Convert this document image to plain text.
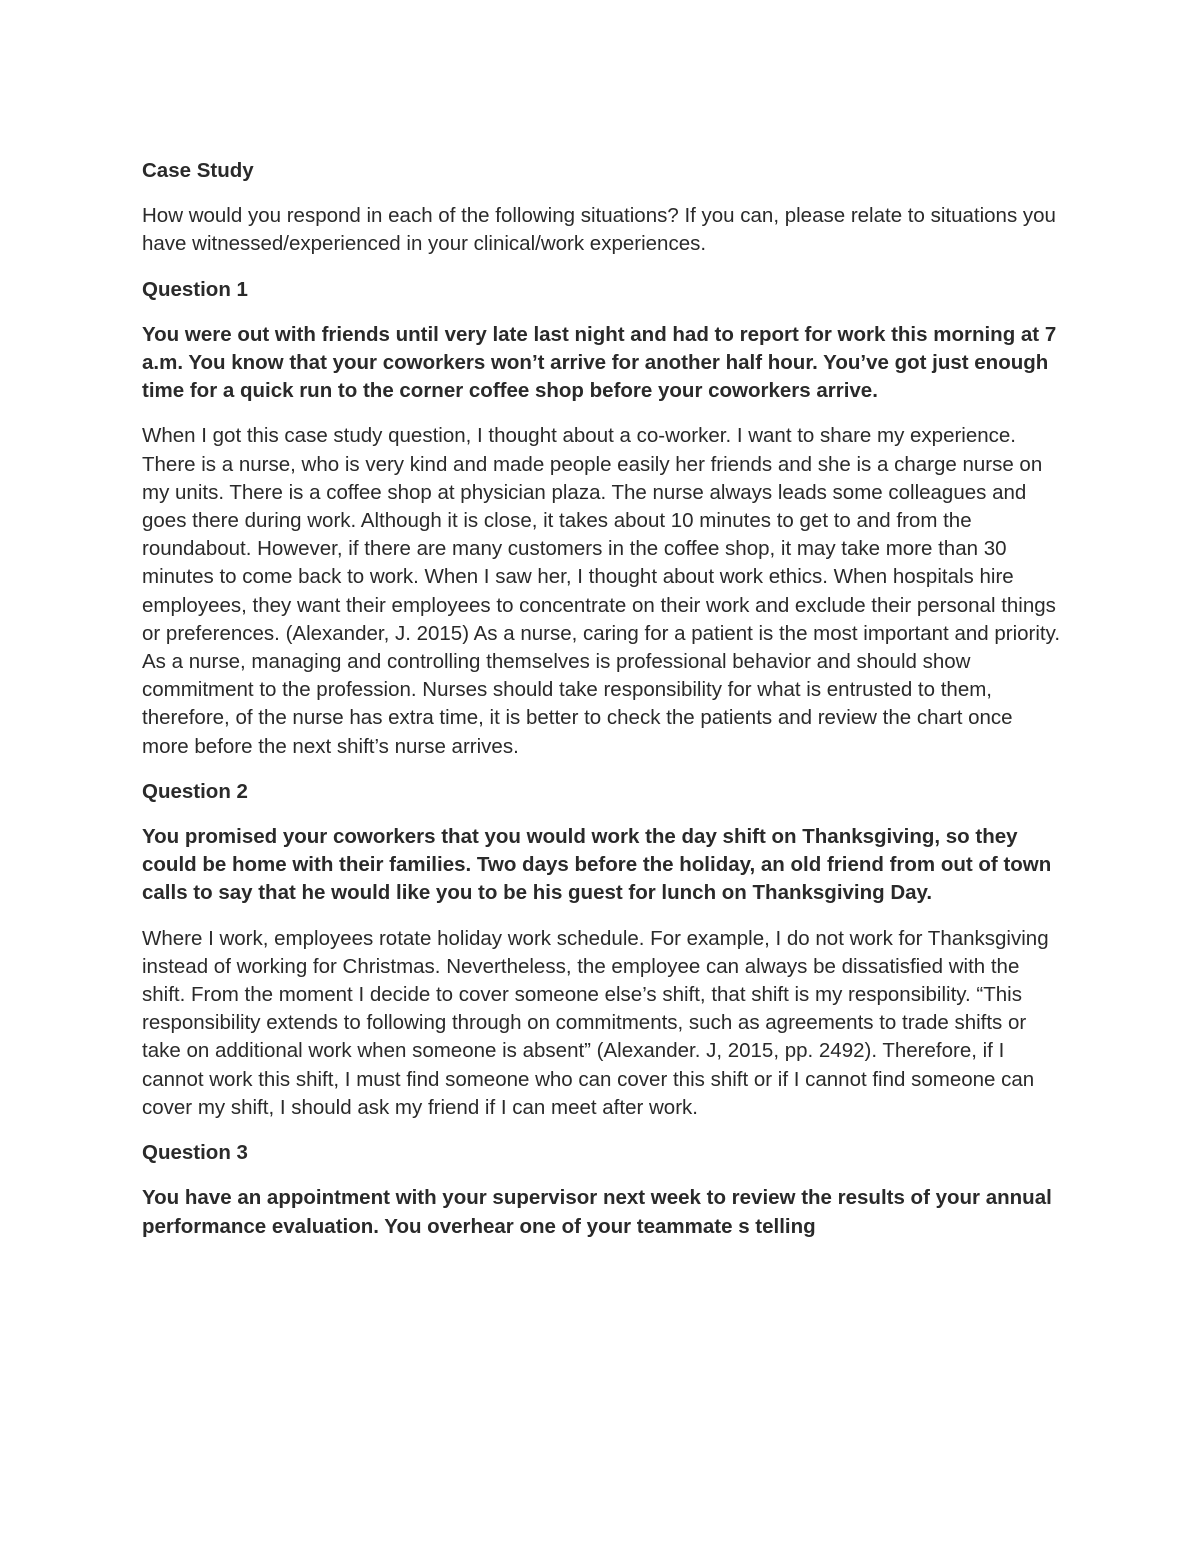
Case Study

How would you respond in each of the following situations? If you can, please relate to situations you have witnessed/experienced in your clinical/work experiences.

Question 1

You were out with friends until very late last night and had to report for work this morning at 7 a.m. You know that your coworkers won’t arrive for another half hour. You’ve got just enough time for a quick run to the corner coffee shop before your coworkers arrive.

When I got this case study question, I thought about a co-worker. I want to share my experience. There is a nurse, who is very kind and made people easily her friends and she is a charge nurse on my units. There is a coffee shop at physician plaza. The nurse always leads some colleagues and goes there during work. Although it is close, it takes about 10 minutes to get to and from the roundabout. However, if there are many customers in the coffee shop, it may take more than 30 minutes to come back to work. When I saw her, I thought about work ethics. When hospitals hire employees, they want their employees to concentrate on their work and exclude their personal things or preferences. (Alexander, J. 2015) As a nurse, caring for a patient is the most important and priority. As a nurse, managing and controlling themselves is professional behavior and should show commitment to the profession. Nurses should take responsibility for what is entrusted to them, therefore, of the nurse has extra time, it is better to check the patients and review the chart once more before the next shift’s nurse arrives.

Question 2

You promised your coworkers that you would work the day shift on Thanksgiving, so they could be home with their families. Two days before the holiday, an old friend from out of town calls to say that he would like you to be his guest for lunch on Thanksgiving Day.

Where I work, employees rotate holiday work schedule. For example, I do not work for Thanksgiving instead of working for Christmas. Nevertheless, the employee can always be dissatisfied with the shift. From the moment I decide to cover someone else’s shift, that shift is my responsibility. “This responsibility extends to following through on commitments, such as agreements to trade shifts or take on additional work when someone is absent” (Alexander. J, 2015, pp. 2492). Therefore, if I cannot work this shift, I must find someone who can cover this shift or if I cannot find someone can cover my shift, I should ask my friend if I can meet after work.

Question 3

You have an appointment with your supervisor next week to review the results of your annual performance evaluation. You overhear one of your teammate s telling
